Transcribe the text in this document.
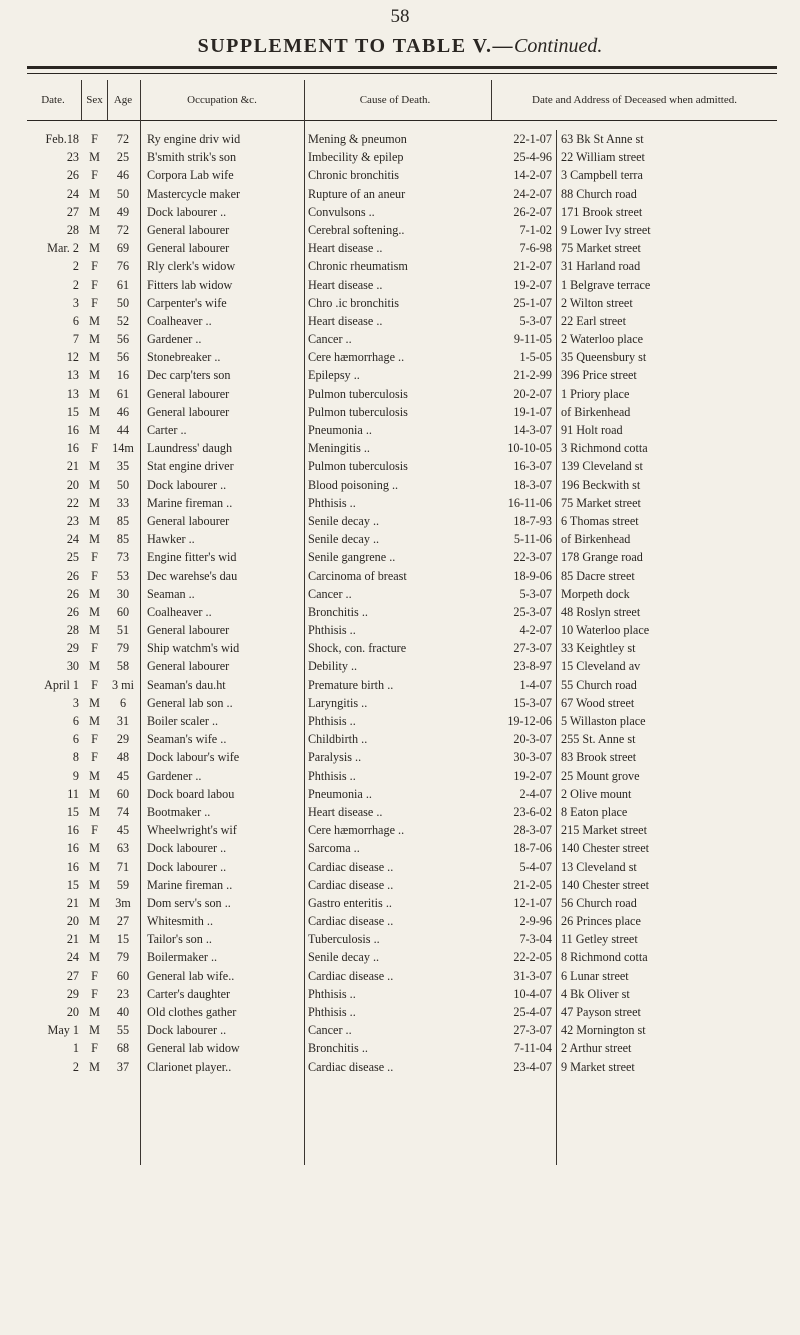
58
SUPPLEMENT TO TABLE V.—Continued.
Date.	Sex	Age	Occupation &c.	Cause of Death.	Date and Address of Deceased when admitted.
Feb.18 F	72	Ry engine driv wid	Mening & pneumon	22-1-07 63 Bk St Anne st
23 M	25	B'smith strik's son	Imbecility & epilep	25-4-96 22 William street
26 F	46	Corpora Lab wife	Chronic bronchitis	14-2-07 3 Campbell terra
24 M	50	Mastercycle maker	Rupture of an aneur	24-2-07 88 Church road
27 M	49	Dock labourer ..	Convulsons ..	26-2-07 171 Brook street
28 M	72	General labourer	Cerebral softening..	7-1-02 9 Lower Ivy street
Mar. 2 M	69	General labourer	Heart disease ..	7-6-98 75 Market street
2 F	76	Rly clerk's widow	Chronic rheumatism	21-2-07 31 Harland road
2 F	61	Fitters lab widow	Heart disease ..	19-2-07 1 Belgrave terrace
3 F	50	Carpenter's wife	Chro .ic bronchitis	25-1-07 2 Wilton street
6 M	52	Coalheaver ..	Heart disease ..	5-3-07 22 Earl street
7 M	56	Gardener ..	Cancer ..	9-11-05 2 Waterloo place
12 M	56	Stonebreaker ..	Cere hæmorrhage ..	1-5-05 35 Queensbury st
13 M	16	Dec carp'ters son	Epilepsy ..	21-2-99 396 Price street
13 M	61	General labourer	Pulmon tuberculosis	20-2-07 1 Priory place
15 M	46	General labourer	Pulmon tuberculosis	19-1-07 of Birkenhead
16 M	44	Carter ..	Pneumonia ..	14-3-07 91 Holt road
16 F	14m	Laundress' daugh	Meningitis ..	10-10-05 3 Richmond cotta
21 M	35	Stat engine driver	Pulmon tuberculosis	16-3-07 139 Cleveland st
20 M	50	Dock labourer ..	Blood poisoning ..	18-3-07 196 Beckwith st
22 M	33	Marine fireman ..	Phthisis ..	16-11-06 75 Market street
23 M	85	General labourer	Senile decay ..	18-7-93 6 Thomas street
24 M	85	Hawker ..	Senile decay ..	5-11-06 of Birkenhead
25 F	73	Engine fitter's wid	Senile gangrene ..	22-3-07 178 Grange road
26 F	53	Dec warehse's dau	Carcinoma of breast	18-9-06 85 Dacre street
26 M	30	Seaman ..	Cancer ..	5-3-07 Morpeth dock
26 M	60	Coalheaver ..	Bronchitis ..	25-3-07 48 Roslyn street
28 M	51	General labourer	Phthisis ..	4-2-07 10 Waterloo place
29 F	79	Ship watchm's wid	Shock, con. fracture	27-3-07 33 Keightley st
30 M	58	General labourer	Debility ..	23-8-97 15 Cleveland av
April 1 F	3 mi	Seaman's dau.ht	Premature birth ..	1-4-07 55 Church road
3 M	6	General lab son ..	Laryngitis ..	15-3-07 67 Wood street
6 M	31	Boiler scaler ..	Phthisis ..	19-12-06 5 Willaston place
6 F	29	Seaman's wife ..	Childbirth ..	20-3-07 255 St. Anne st
8 F	48	Dock labour's wife	Paralysis ..	30-3-07 83 Brook street
9 M	45	Gardener ..	Phthisis ..	19-2-07 25 Mount grove
11 M	60	Dock board labou	Pneumonia ..	2-4-07 2 Olive mount
15 M	74	Bootmaker ..	Heart disease ..	23-6-02 8 Eaton place
16 F	45	Wheelwright's wif	Cere hæmorrhage ..	28-3-07 215 Market street
16 M	63	Dock labourer ..	Sarcoma ..	18-7-06 140 Chester street
16 M	71	Dock labourer ..	Cardiac disease ..	5-4-07 13 Cleveland st
15 M	59	Marine fireman ..	Cardiac disease ..	21-2-05 140 Chester street
21 M	3m	Dom serv's son ..	Gastro enteritis ..	12-1-07 56 Church road
20 M	27	Whitesmith ..	Cardiac disease ..	2-9-96 26 Princes place
21 M	15	Tailor's son ..	Tuberculosis ..	7-3-04 11 Getley street
24 M	79	Boilermaker ..	Senile decay ..	22-2-05 8 Richmond cotta
27 F	60	General lab wife..	Cardiac disease ..	31-3-07 6 Lunar street
29 F	23	Carter's daughter	Phthisis ..	10-4-07 4 Bk Oliver st
20 M	40	Old clothes gather	Phthisis ..	25-4-07 47 Payson street
May 1 M	55	Dock labourer ..	Cancer ..	27-3-07 42 Mornington st
1 F	68	General lab widow	Bronchitis ..	7-11-04 2 Arthur street
2 M	37	Clarionet player..	Cardiac disease ..	23-4-07 9 Market street
